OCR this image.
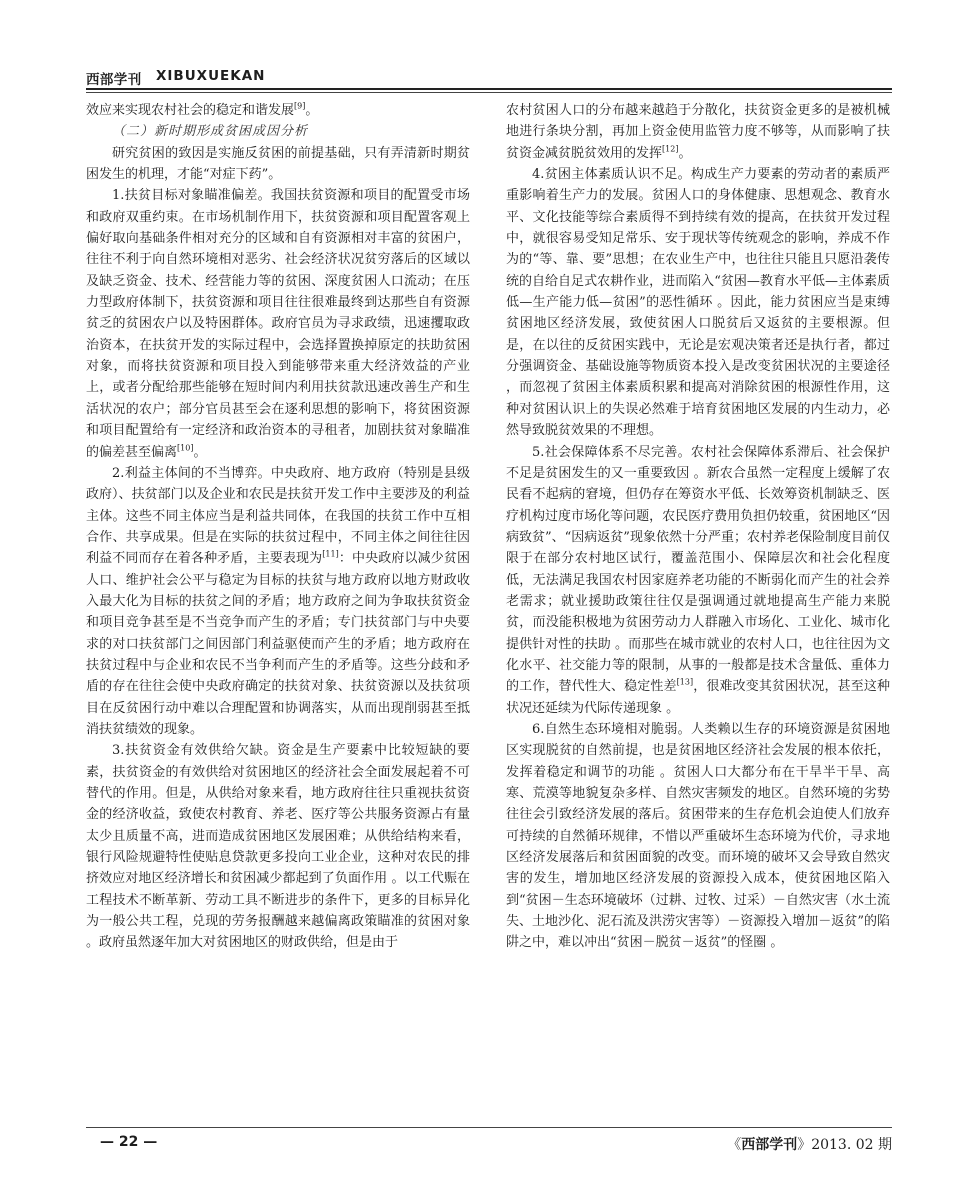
西部学刊 XIBUXUEKAN

效应来实现农村社会的稳定和谐发展[9]。

（二）新时期形成贫困成因分析

研究贫困的致因是实施反贫困的前提基础，只有弄清新时期贫困发生的机理，才能“对症下药”。

1.扶贫目标对象瞄准偏差。我国扶贫资源和项目的配置受市场和政府双重约束。在市场机制作用下，扶贫资源和项目配置客观上偏好取向基础条件相对充分的区域和自有资源相对丰富的贫困户，往往不利于向自然环境相对恶劣、社会经济状况贫穷落后的区域以及缺乏资金、技术、经营能力等的贫困、深度贫困人口流动；在压力型政府体制下，扶贫资源和项目往往很难最终到达那些自有资源贫乏的贫困农户以及特困群体。政府官员为寻求政绩，迅速攫取政治资本，在扶贫开发的实际过程中，会选择置换掉原定的扶助贫困对象，而将扶贫资源和项目投入到能够带来重大经济效益的产业上，或者分配给那些能够在短时间内利用扶贫款迅速改善生产和生活状况的农户；部分官员甚至会在逐利思想的影响下，将贫困资源和项目配置给有一定经济和政治资本的寻租者，加剧扶贫对象瞄准的偏差甚至偏离[10]。

2.利益主体间的不当博弈。中央政府、地方政府（特别是县级政府）、扶贫部门以及企业和农民是扶贫开发工作中主要涉及的利益主体。这些不同主体应当是利益共同体，在我国的扶贫工作中互相合作、共享成果。但是在实际的扶贫过程中，不同主体之间往往因利益不同而存在着各种矛盾，主要表现为[11]：中央政府以减少贫困人口、维护社会公平与稳定为目标的扶贫与地方政府以地方财政收入最大化为目标的扶贫之间的矛盾；地方政府之间为争取扶贫资金和项目竞争甚至是不当竞争而产生的矛盾；专门扶贫部门与中央要求的对口扶贫部门之间因部门利益驱使而产生的矛盾；地方政府在扶贫过程中与企业和农民不当争利而产生的矛盾等。这些分歧和矛盾的存在往往会使中央政府确定的扶贫对象、扶贫资源以及扶贫项目在反贫困行动中难以合理配置和协调落实，从而出现削弱甚至抵消扶贫绩效的现象。

3.扶贫资金有效供给欠缺。资金是生产要素中比较短缺的要素，扶贫资金的有效供给对贫困地区的经济社会全面发展起着不可替代的作用。但是，从供给对象来看，地方政府往往只重视扶贫资金的经济收益，致使农村教育、养老、医疗等公共服务资源占有量太少且质量不高，进而造成贫困地区发展困难；从供给结构来看，银行风险规避特性使贴息贷款更多投向工业企业，这种对农民的排挤效应对地区经济增长和贫困减少都起到了负面作用 。以工代赈在工程技术不断革新、劳动工具不断进步的条件下，更多的目标异化为一般公共工程，兑现的劳务报酬越来越偏离政策瞄准的贫困对象 。政府虽然逐年加大对贫困地区的财政供给，但是由于

农村贫困人口的分布越来越趋于分散化，扶贫资金更多的是被机械地进行条块分割，再加上资金使用监管力度不够等，从而影响了扶贫资金减贫脱贫效用的发挥[12]。

4.贫困主体素质认识不足。构成生产力要素的劳动者的素质严重影响着生产力的发展。贫困人口的身体健康、思想观念、教育水平、文化技能等综合素质得不到持续有效的提高，在扶贫开发过程中，就很容易受知足常乐、安于现状等传统观念的影响，养成不作为的“等、靠、要”思想；在农业生产中，也往往只能且只愿沿袭传统的自给自足式农耕作业，进而陷入“贫困—教育水平低—主体素质低—生产能力低—贫困”的恶性循环 。因此，能力贫困应当是束缚贫困地区经济发展，致使贫困人口脱贫后又返贫的主要根源。但是，在以往的反贫困实践中，无论是宏观决策者还是执行者，都过分强调资金、基础设施等物质资本投入是改变贫困状况的主要途径 ，而忽视了贫困主体素质积累和提高对消除贫困的根源性作用，这种对贫困认识上的失误必然难于培育贫困地区发展的内生动力，必然导致脱贫效果的不理想。

5.社会保障体系不尽完善。农村社会保障体系滞后、社会保护不足是贫困发生的又一重要致因 。新农合虽然一定程度上缓解了农民看不起病的窘境，但仍存在筹资水平低、长效筹资机制缺乏、医疗机构过度市场化等问题，农民医疗费用负担仍较重，贫困地区“因病致贫”、“因病返贫”现象依然十分严重；农村养老保险制度目前仅限于在部分农村地区试行，覆盖范围小、保障层次和社会化程度低，无法满足我国农村因家庭养老功能的不断弱化而产生的社会养老需求；就业援助政策往往仅是强调通过就地提高生产能力来脱贫，而没能积极地为贫困劳动力人群融入市场化、工业化、城市化提供针对性的扶助 。而那些在城市就业的农村人口，也往往因为文化水平、社交能力等的限制，从事的一般都是技术含量低、重体力的工作，替代性大、稳定性差[13]，很难改变其贫困状况，甚至这种状况还延续为代际传递现象 。

6.自然生态环境相对脆弱。人类赖以生存的环境资源是贫困地区实现脱贫的自然前提，也是贫困地区经济社会发展的根本依托，发挥着稳定和调节的功能 。贫困人口大都分布在干旱半干旱、高寒、荒漠等地貌复杂多样、自然灾害频发的地区。自然环境的劣势往往会引致经济发展的落后。贫困带来的生存危机会迫使人们放弃可持续的自然循环规律，不惜以严重破坏生态环境为代价，寻求地区经济发展落后和贫困面貌的改变。而环境的破坏又会导致自然灾害的发生，增加地区经济发展的资源投入成本，使贫困地区陷入到“贫困－生态环境破坏（过耕、过牧、过采）－自然灾害（水土流失、土地沙化、泥石流及洪涝灾害等）－资源投入增加－返贫”的陷阱之中，难以冲出“贫困－脱贫－返贫”的怪圈 。

— 22 —	《西部学刊》2013. 02 期
